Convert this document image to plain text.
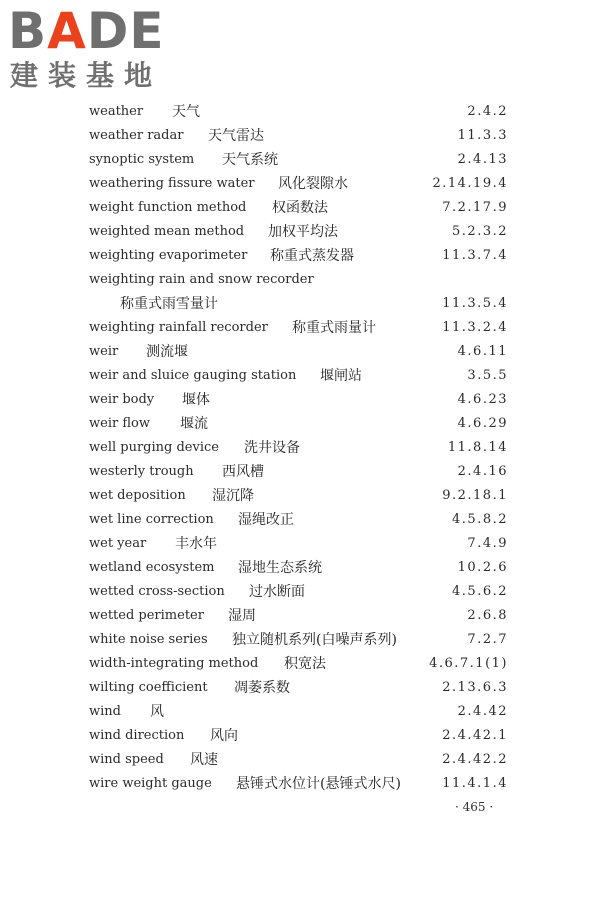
BADE
建装基地
weather 天气	2.4.2
weather radar 天气雷达	11.3.3
synoptic system 天气系统	2.4.13
weathering fissure water 风化裂隙水	2.14.19.4
weight function method 权函数法	7.2.17.9
weighted mean method 加权平均法	5.2.3.2
weighting evaporimeter 称重式蒸发器	11.3.7.4
weighting rain and snow recorder
称重式雨雪量计	11.3.5.4
weighting rainfall recorder 称重式雨量计	11.3.2.4
weir 测流堰	4.6.11
weir and sluice gauging station 堰闸站	3.5.5
weir body 堰体	4.6.23
weir flow 堰流	4.6.29
well purging device 洗井设备	11.8.14
westerly trough 西风槽	2.4.16
wet deposition 湿沉降	9.2.18.1
wet line correction 湿绳改正	4.5.8.2
wet year 丰水年	7.4.9
wetland ecosystem 湿地生态系统	10.2.6
wetted cross-section 过水断面	4.5.6.2
wetted perimeter 湿周	2.6.8
white noise series 独立随机系列(白噪声系列)	7.2.7
width-integrating method 积宽法	4.6.7.1(1)
wilting coefficient 凋萎系数	2.13.6.3
wind 风	2.4.42
wind direction 风向	2.4.42.1
wind speed 风速	2.4.42.2
wire weight gauge 悬锤式水位计(悬锤式水尺)	11.4.1.4
· 465 ·
